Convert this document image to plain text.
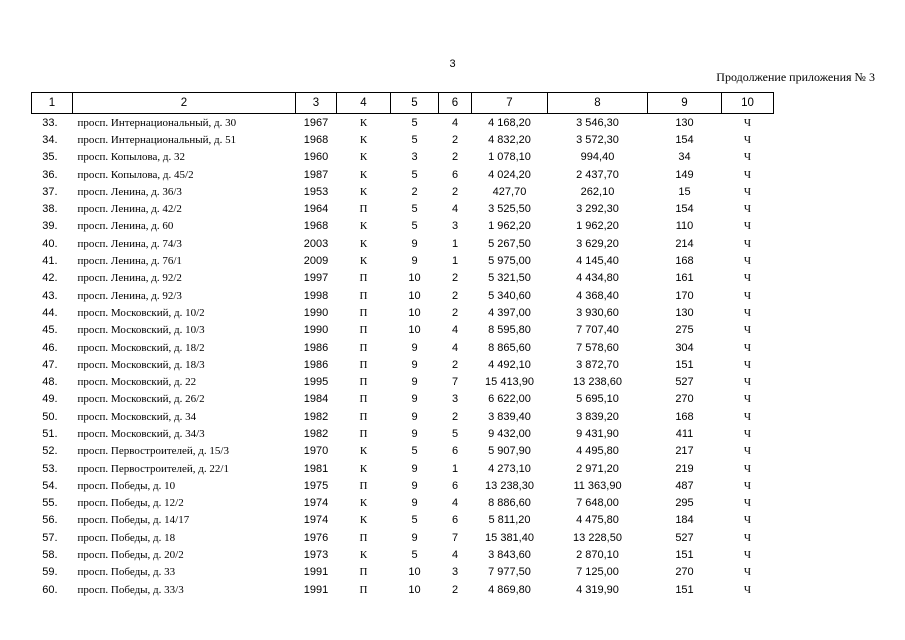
3
Продолжение приложения № 3
1	2	3	4	5	6	7	8	9	10
33.	просп. Интернациональный, д. 30	1967	К	5	4	4 168,20	3 546,30	130	Ч
34.	просп. Интернациональный, д. 51	1968	К	5	2	4 832,20	3 572,30	154	Ч
35.	просп. Копылова, д. 32	1960	К	3	2	1 078,10	994,40	34	Ч
36.	просп. Копылова, д. 45/2	1987	К	5	6	4 024,20	2 437,70	149	Ч
37.	просп. Ленина, д. 36/3	1953	К	2	2	427,70	262,10	15	Ч
38.	просп. Ленина, д. 42/2	1964	П	5	4	3 525,50	3 292,30	154	Ч
39.	просп. Ленина, д. 60	1968	К	5	3	1 962,20	1 962,20	110	Ч
40.	просп. Ленина, д. 74/3	2003	К	9	1	5 267,50	3 629,20	214	Ч
41.	просп. Ленина, д. 76/1	2009	К	9	1	5 975,00	4 145,40	168	Ч
42.	просп. Ленина, д. 92/2	1997	П	10	2	5 321,50	4 434,80	161	Ч
43.	просп. Ленина, д. 92/3	1998	П	10	2	5 340,60	4 368,40	170	Ч
44.	просп. Московский, д. 10/2	1990	П	10	2	4 397,00	3 930,60	130	Ч
45.	просп. Московский, д. 10/3	1990	П	10	4	8 595,80	7 707,40	275	Ч
46.	просп. Московский, д. 18/2	1986	П	9	4	8 865,60	7 578,60	304	Ч
47.	просп. Московский, д. 18/3	1986	П	9	2	4 492,10	3 872,70	151	Ч
48.	просп. Московский, д. 22	1995	П	9	7	15 413,90	13 238,60	527	Ч
49.	просп. Московский, д. 26/2	1984	П	9	3	6 622,00	5 695,10	270	Ч
50.	просп. Московский, д. 34	1982	П	9	2	3 839,40	3 839,20	168	Ч
51.	просп. Московский, д. 34/3	1982	П	9	5	9 432,00	9 431,90	411	Ч
52.	просп. Первостроителей, д. 15/3	1970	К	5	6	5 907,90	4 495,80	217	Ч
53.	просп. Первостроителей, д. 22/1	1981	К	9	1	4 273,10	2 971,20	219	Ч
54.	просп. Победы, д. 10	1975	П	9	6	13 238,30	11 363,90	487	Ч
55.	просп. Победы, д. 12/2	1974	К	9	4	8 886,60	7 648,00	295	Ч
56.	просп. Победы, д. 14/17	1974	К	5	6	5 811,20	4 475,80	184	Ч
57.	просп. Победы, д. 18	1976	П	9	7	15 381,40	13 228,50	527	Ч
58.	просп. Победы, д. 20/2	1973	К	5	4	3 843,60	2 870,10	151	Ч
59.	просп. Победы, д. 33	1991	П	10	3	7 977,50	7 125,00	270	Ч
60.	просп. Победы, д. 33/3	1991	П	10	2	4 869,80	4 319,90	151	Ч
